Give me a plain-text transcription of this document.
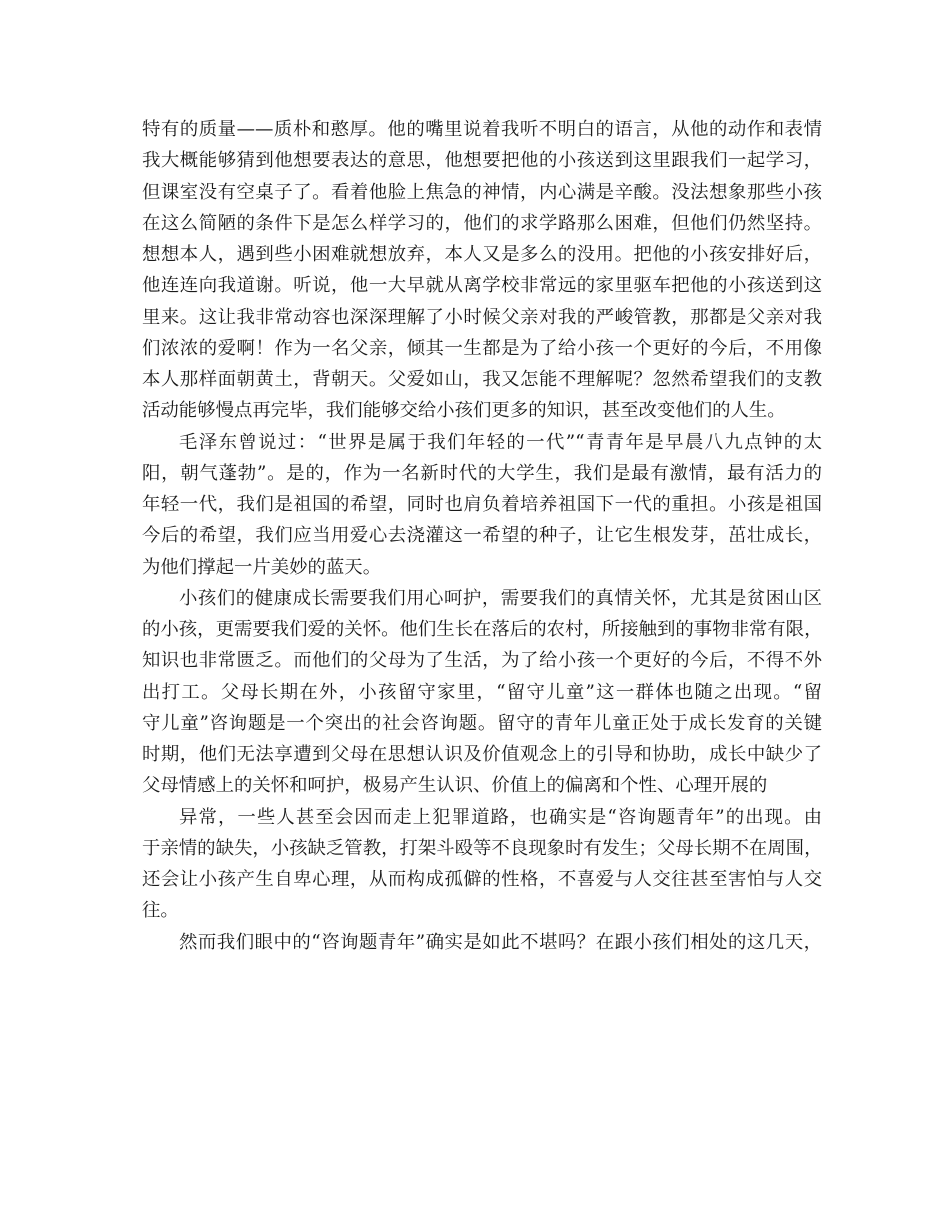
特有的质量——质朴和憨厚。他的嘴里说着我听不明白的语言，从他的动作和表情
我大概能够猜到他想要表达的意思，他想要把他的小孩送到这里跟我们一起学习，
但课室没有空桌子了。看着他脸上焦急的神情，内心满是辛酸。没法想象那些小孩
在这么简陋的条件下是怎么样学习的，他们的求学路那么困难，但他们仍然坚持。
想想本人，遇到些小困难就想放弃，本人又是多么的没用。把他的小孩安排好后，
他连连向我道谢。听说，他一大早就从离学校非常远的家里驱车把他的小孩送到这
里来。这让我非常动容也深深理解了小时候父亲对我的严峻管教，那都是父亲对我
们浓浓的爱啊！作为一名父亲，倾其一生都是为了给小孩一个更好的今后，不用像
本人那样面朝黄土，背朝天。父爱如山，我又怎能不理解呢？忽然希望我们的支教
活动能够慢点再完毕，我们能够交给小孩们更多的知识，甚至改变他们的人生。
毛泽东曾说过：“世界是属于我们年轻的一代”“青青年是早晨八九点钟的太
阳，朝气蓬勃”。是的，作为一名新时代的大学生，我们是最有激情，最有活力的
年轻一代，我们是祖国的希望，同时也肩负着培养祖国下一代的重担。小孩是祖国
今后的希望，我们应当用爱心去浇灌这一希望的种子，让它生根发芽，茁壮成长，
为他们撑起一片美妙的蓝天。
小孩们的健康成长需要我们用心呵护，需要我们的真情关怀，尤其是贫困山区
的小孩，更需要我们爱的关怀。他们生长在落后的农村，所接触到的事物非常有限，
知识也非常匮乏。而他们的父母为了生活，为了给小孩一个更好的今后，不得不外
出打工。父母长期在外，小孩留守家里，“留守儿童”这一群体也随之出现。“留
守儿童”咨询题是一个突出的社会咨询题。留守的青年儿童正处于成长发育的关键
时期，他们无法享遭到父母在思想认识及价值观念上的引导和协助，成长中缺少了
父母情感上的关怀和呵护，极易产生认识、价值上的偏离和个性、心理开展的
异常，一些人甚至会因而走上犯罪道路，也确实是“咨询题青年”的出现。由
于亲情的缺失，小孩缺乏管教，打架斗殴等不良现象时有发生；父母长期不在周围，
还会让小孩产生自卑心理，从而构成孤僻的性格，不喜爱与人交往甚至害怕与人交
往。
然而我们眼中的“咨询题青年”确实是如此不堪吗？在跟小孩们相处的这几天，
